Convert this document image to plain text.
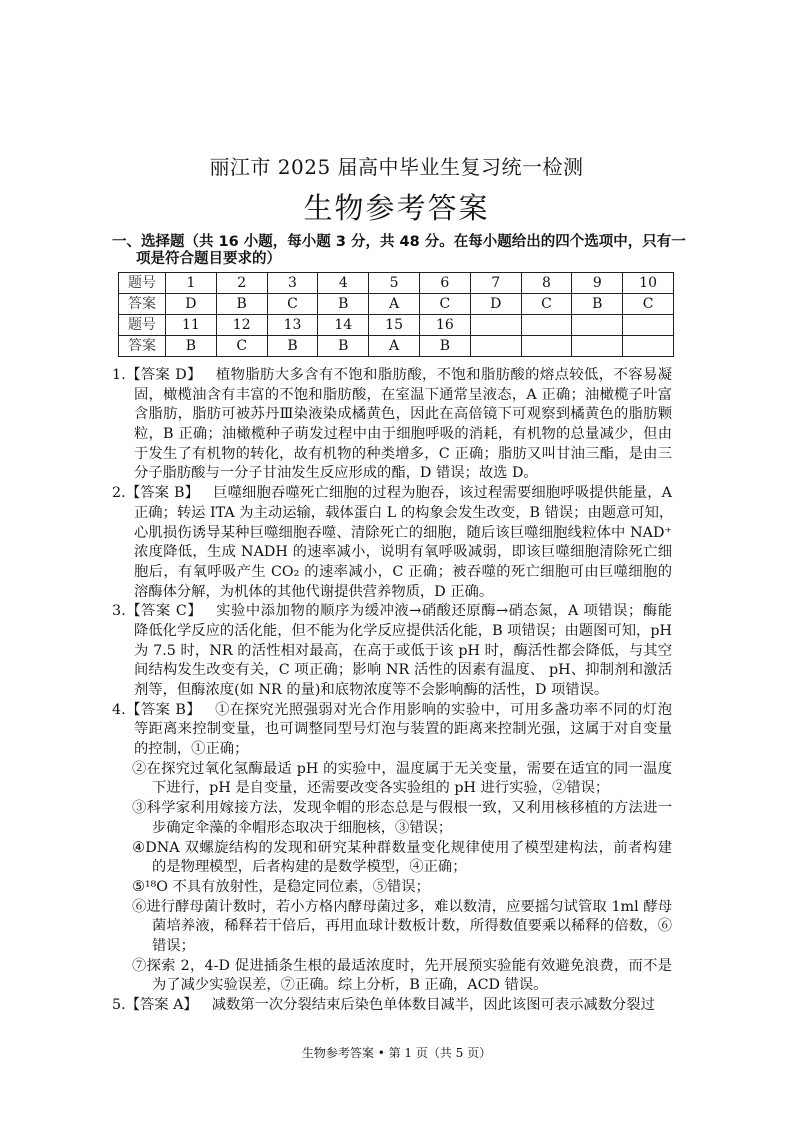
丽江市 2025 届高中毕业生复习统一检测
生物参考答案
一、选择题（共 16 小题，每小题 3 分，共 48 分。在每小题给出的四个选项中，只有一
项是符合题目要求的）
题号	1	2	3	4	5	6	7	8	9	10
答案	D	B	C	B	A	C	D	C	B	C
题号	11	12	13	14	15	16				
答案	B	C	B	B	A	B				
1.【答案 D】 植物脂肪大多含有不饱和脂肪酸，不饱和脂肪酸的熔点较低，不容易凝
固，橄榄油含有丰富的不饱和脂肪酸，在室温下通常呈液态，A 正确；油橄榄子叶富
含脂肪，脂肪可被苏丹Ⅲ染液染成橘黄色，因此在高倍镜下可观察到橘黄色的脂肪颗
粒，B 正确；油橄榄种子萌发过程中由于细胞呼吸的消耗，有机物的总量减少，但由
于发生了有机物的转化，故有机物的种类增多，C 正确；脂肪又叫甘油三酯，是由三
分子脂肪酸与一分子甘油发生反应形成的酯，D 错误；故选 D。
2.【答案 B】 巨噬细胞吞噬死亡细胞的过程为胞吞，该过程需要细胞呼吸提供能量，A
正确；转运 ITA 为主动运输，载体蛋白 L 的构象会发生改变，B 错误；由题意可知，
心肌损伤诱导某种巨噬细胞吞噬、清除死亡的细胞，随后该巨噬细胞线粒体中 NAD⁺
浓度降低，生成 NADH 的速率减小，说明有氧呼吸减弱，即该巨噬细胞清除死亡细
胞后，有氧呼吸产生 CO₂ 的速率减小，C 正确；被吞噬的死亡细胞可由巨噬细胞的
溶酶体分解，为机体的其他代谢提供营养物质，D 正确。
3.【答案 C】 实验中添加物的顺序为缓冲液→硝酸还原酶→硝态氮，A 项错误；酶能
降低化学反应的活化能，但不能为化学反应提供活化能，B 项错误；由题图可知，pH
为 7.5 时，NR 的活性相对最高，在高于或低于该 pH 时，酶活性都会降低，与其空
间结构发生改变有关，C 项正确；影响 NR 活性的因素有温度、 pH、抑制剂和激活
剂等，但酶浓度(如 NR 的量)和底物浓度等不会影响酶的活性，D 项错误。
4.【答案 B】 ①在探究光照强弱对光合作用影响的实验中，可用多盏功率不同的灯泡
等距离来控制变量，也可调整同型号灯泡与装置的距离来控制光强，这属于对自变量
的控制，①正确；
②在探究过氧化氢酶最适 pH 的实验中，温度属于无关变量，需要在适宜的同一温度
下进行，pH 是自变量，还需要改变各实验组的 pH 进行实验，②错误；
③科学家利用嫁接方法，发现伞帽的形态总是与假根一致，又利用核移植的方法进一
步确定伞藻的伞帽形态取决于细胞核，③错误；
④DNA 双螺旋结构的发现和研究某种群数量变化规律使用了模型建构法，前者构建
的是物理模型，后者构建的是数学模型，④正确；
⑤¹⁸O 不具有放射性，是稳定同位素，⑤错误；
⑥进行酵母菌计数时，若小方格内酵母菌过多，难以数清，应要摇匀试管取 1ml 酵母
菌培养液，稀释若干倍后，再用血球计数板计数，所得数值要乘以稀释的倍数，⑥
错误；
⑦探索 2，4-D 促进插条生根的最适浓度时，先开展预实验能有效避免浪费，而不是
为了减少实验误差，⑦正确。综上分析，B 正确，ACD 错误。
5.【答案 A】 减数第一次分裂结束后染色单体数目减半，因此该图可表示减数分裂过
生物参考答案 • 第 1 页（共 5 页）
